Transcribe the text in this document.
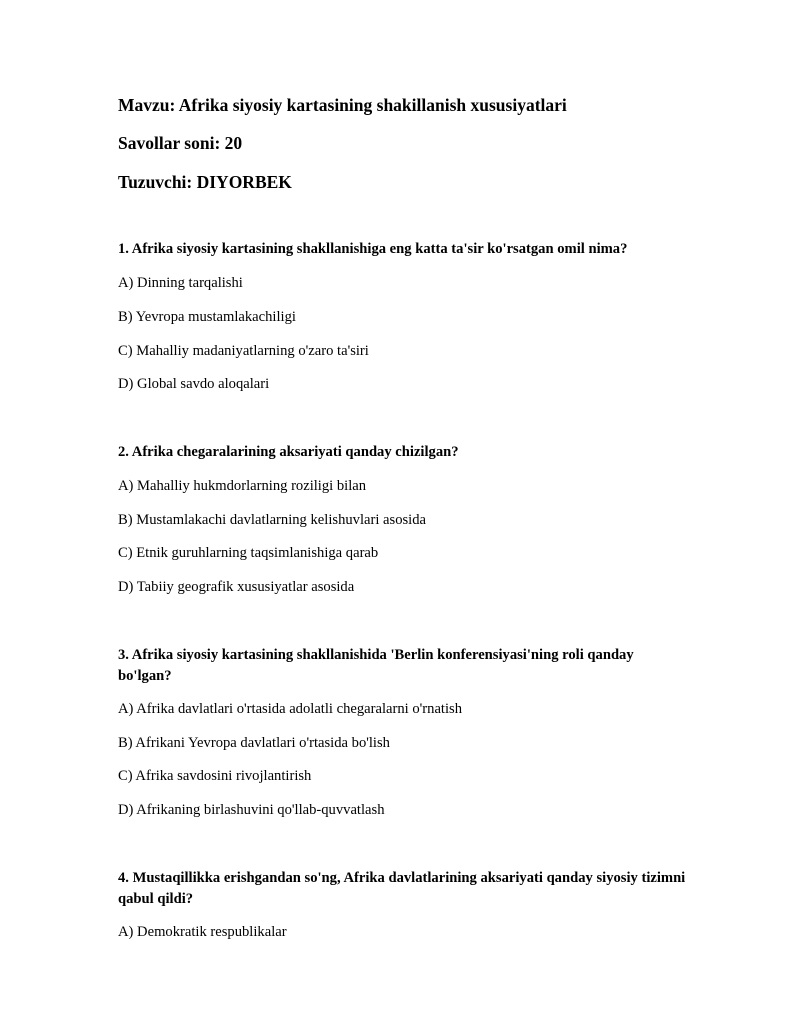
Mavzu: Afrika siyosiy kartasining shakillanish xususiyatlari
Savollar soni: 20
Tuzuvchi: DIYORBEK
1. Afrika siyosiy kartasining shakllanishiga eng katta ta'sir ko'rsatgan omil nima?
A) Dinning tarqalishi
B) Yevropa mustamlakachiligi
C) Mahalliy madaniyatlarning o'zaro ta'siri
D) Global savdo aloqalari
2. Afrika chegaralarining aksariyati qanday chizilgan?
A) Mahalliy hukmdorlarning roziligi bilan
B) Mustamlakachi davlatlarning kelishuvlari asosida
C) Etnik guruhlarning taqsimlanishiga qarab
D) Tabiiy geografik xususiyatlar asosida
3. Afrika siyosiy kartasining shakllanishida 'Berlin konferensiyasi'ning roli qanday bo'lgan?
A) Afrika davlatlari o'rtasida adolatli chegaralarni o'rnatish
B) Afrikani Yevropa davlatlari o'rtasida bo'lish
C) Afrika savdosini rivojlantirish
D) Afrikaning birlashuvini qo'llab-quvvatlash
4. Mustaqillikka erishgandan so'ng, Afrika davlatlarining aksariyati qanday siyosiy tizimni qabul qildi?
A) Demokratik respublikalar
